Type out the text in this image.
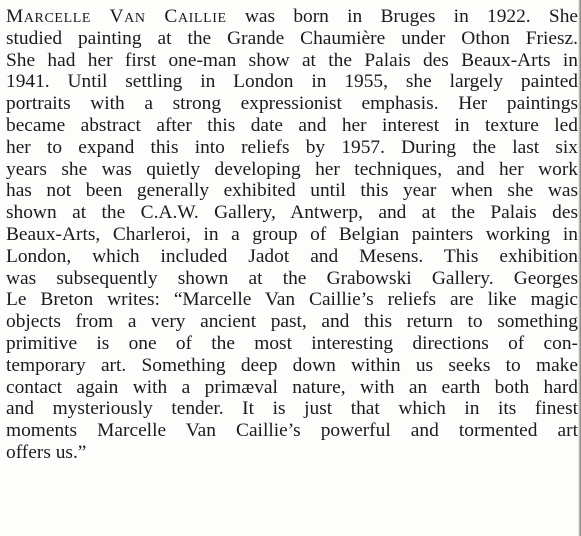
Marcelle Van Caillie was born in Bruges in 1922. She
studied painting at the Grande Chaumière under Othon Friesz.
She had her first one-man show at the Palais des Beaux-Arts in
1941. Until settling in London in 1955, she largely painted
portraits with a strong expressionist emphasis. Her paintings
became abstract after this date and her interest in texture led
her to expand this into reliefs by 1957. During the last six
years she was quietly developing her techniques, and her work
has not been generally exhibited until this year when she was
shown at the C.A.W. Gallery, Antwerp, and at the Palais des
Beaux-Arts, Charleroi, in a group of Belgian painters working in
London, which included Jadot and Mesens. This exhibition
was subsequently shown at the Grabowski Gallery. Georges
Le Breton writes: “Marcelle Van Caillie’s reliefs are like magic
objects from a very ancient past, and this return to something
primitive is one of the most interesting directions of con-
temporary art. Something deep down within us seeks to make
contact again with a primæval nature, with an earth both hard
and mysteriously tender. It is just that which in its finest
moments Marcelle Van Caillie’s powerful and tormented art
offers us.”
